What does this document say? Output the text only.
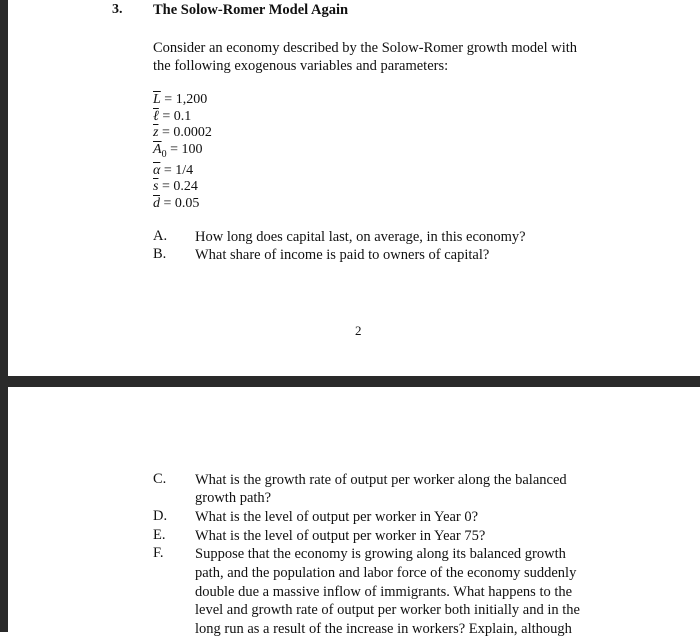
3. The Solow-Romer Model Again
Consider an economy described by the Solow-Romer growth model with
the following exogenous variables and parameters:
$\overline{L} = 1,200$
ℓ = 0.1
$\overline{z} = 0.0002$
$\overline{A}_0 = 100$
$\overline{\alpha} = 1/4$
$\overline{s} = 0.24$
$\overline{d} = 0.05$
A. How long does capital last, on average, in this economy?
B. What share of income is paid to owners of capital?
2
C. What is the growth rate of output per worker along the balanced
growth path?
D. What is the level of output per worker in Year 0?
E. What is the level of output per worker in Year 75?
F. Suppose that the economy is growing along its balanced growth
path, and the population and labor force of the economy suddenly
double due a massive inflow of immigrants. What happens to the
level and growth rate of output per worker both initially and in the
long run as a result of the increase in workers? Explain, although
